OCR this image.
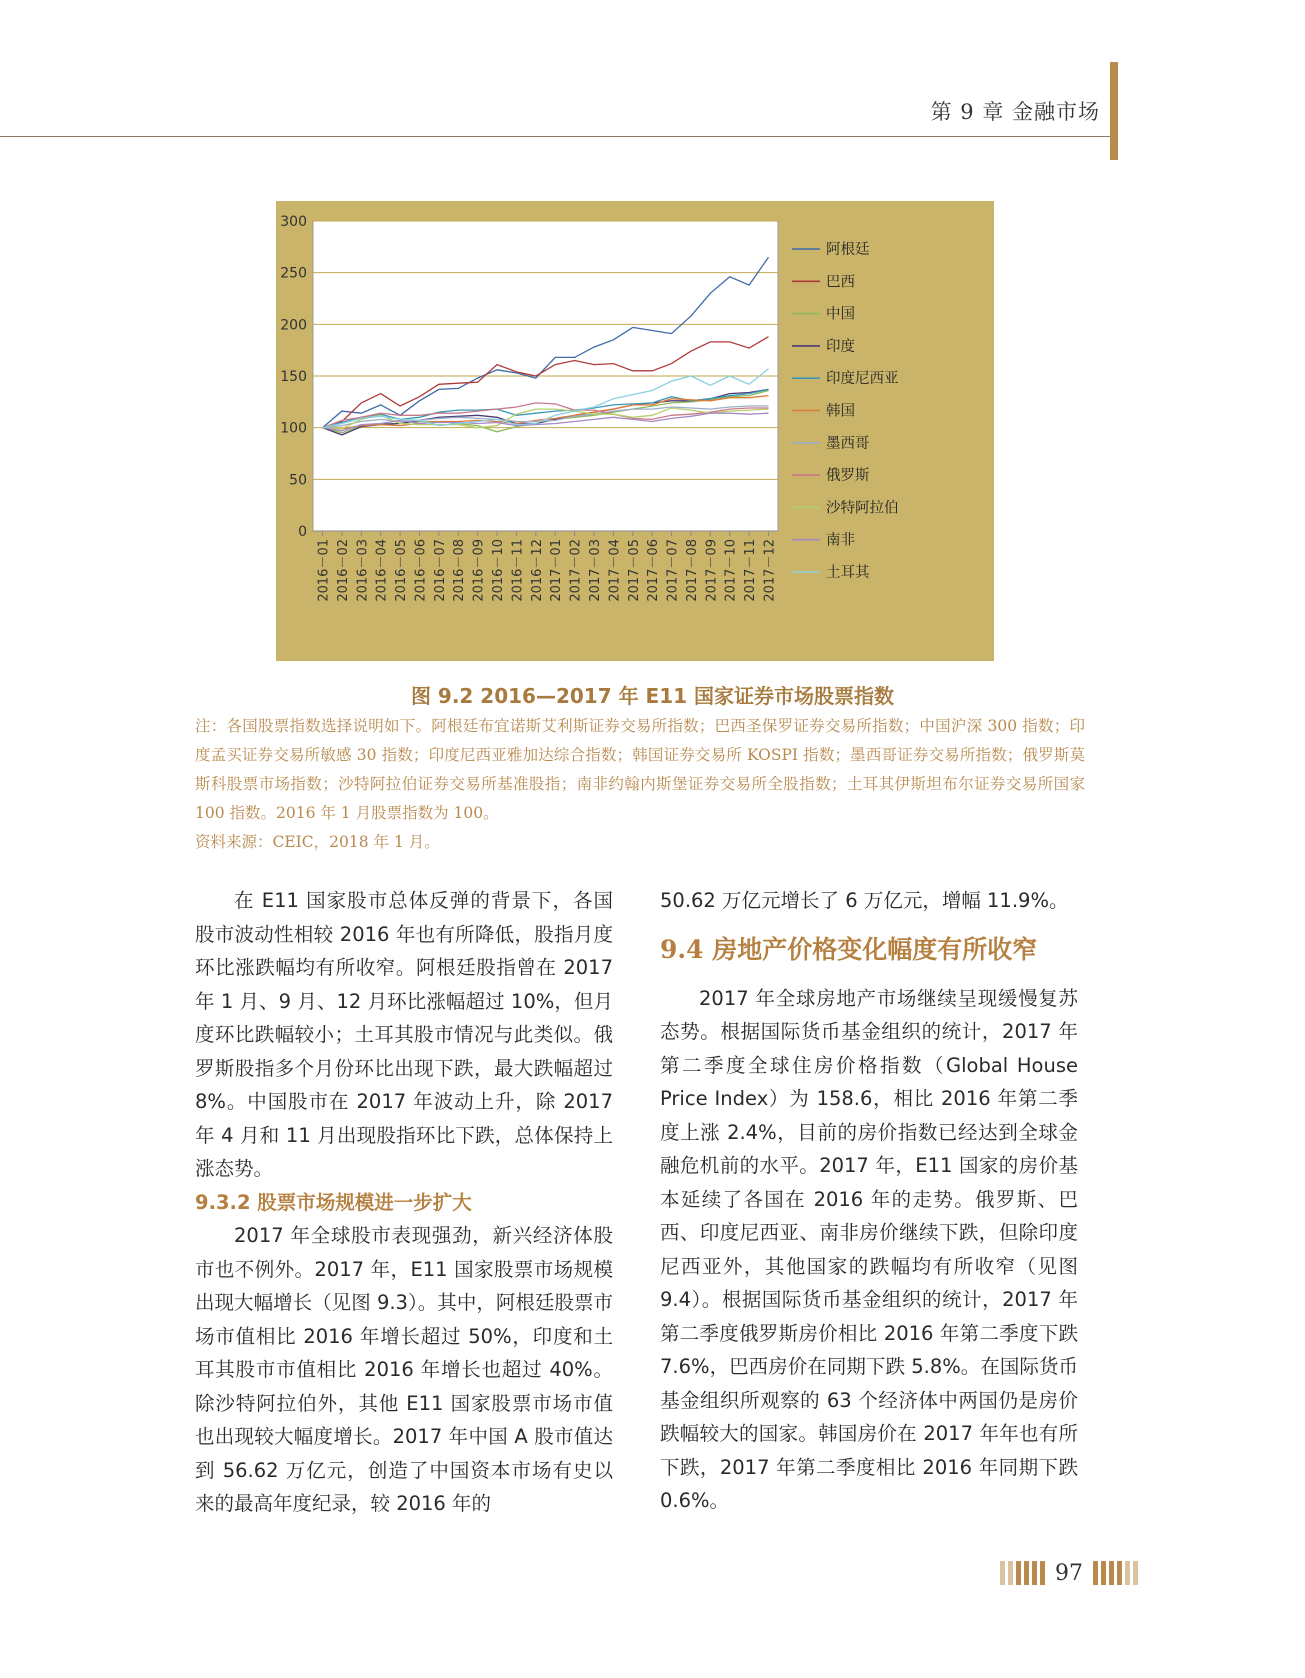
第 9 章 金融市场
0
50
100
150
200
250
300
2016－01 2016－02 2016－03 2016－04 2016－05 2016－06 2016－07 2016－08 2016－09 2016－10 2016－11 2016－12 2017－01 2017－02 2017－03 2017－04 2017－05 2017－06 2017－07 2017－08 2017－09 2017－10 2017－11 2017－12
阿根廷
巴西
中国
印度
印度尼西亚
韩国
墨西哥
俄罗斯
沙特阿拉伯
南非
土耳其
图 9.2 2016—2017 年 E11 国家证券市场股票指数

注：各国股票指数选择说明如下。阿根廷布宜诺斯艾利斯证券交易所指数；巴西圣保罗证券交易所指数；中国沪深 300 指数；印度孟买证券交易所敏感 30 指数；印度尼西亚雅加达综合指数；韩国证券交易所 KOSPI 指数；墨西哥证券交易所指数；俄罗斯莫斯科股票市场指数；沙特阿拉伯证券交易所基准股指；南非约翰内斯堡证券交易所全股指数；土耳其伊斯坦布尔证券交易所国家 100 指数。2016 年 1 月股票指数为 100。

资料来源：CEIC，2018 年 1 月。

在 E11 国家股市总体反弹的背景下，各国股市波动性相较 2016 年也有所降低，股指月度环比涨跌幅均有所收窄。阿根廷股指曾在 2017 年 1 月、9 月、12 月环比涨幅超过 10%，但月度环比跌幅较小；土耳其股市情况与此类似。俄罗斯股指多个月份环比出现下跌，最大跌幅超过 8%。中国股市在 2017 年波动上升，除 2017 年 4 月和 11 月出现股指环比下跌，总体保持上涨态势。

9.3.2 股票市场规模进一步扩大

2017 年全球股市表现强劲，新兴经济体股市也不例外。2017 年，E11 国家股票市场规模出现大幅增长（见图 9.3）。其中，阿根廷股票市场市值相比 2016 年增长超过 50%，印度和土耳其股市市值相比 2016 年增长也超过 40%。除沙特阿拉伯外，其他 E11 国家股票市场市值也出现较大幅度增长。2017 年中国 A 股市值达到 56.62 万亿元，创造了中国资本市场有史以来的最高年度纪录，较 2016 年的

50.62 万亿元增长了 6 万亿元，增幅 11.9%。

9.4 房地产价格变化幅度有所收窄

2017 年全球房地产市场继续呈现缓慢复苏态势。根据国际货币基金组织的统计，2017 年第二季度全球住房价格指数（Global House Price Index）为 158.6，相比 2016 年第二季度上涨 2.4%，目前的房价指数已经达到全球金融危机前的水平。2017 年，E11 国家的房价基本延续了各国在 2016 年的走势。俄罗斯、巴西、印度尼西亚、南非房价继续下跌，但除印度尼西亚外，其他国家的跌幅均有所收窄（见图 9.4）。根据国际货币基金组织的统计，2017 年第二季度俄罗斯房价相比 2016 年第二季度下跌 7.6%，巴西房价在同期下跌 5.8%。在国际货币基金组织所观察的 63 个经济体中两国仍是房价跌幅较大的国家。韩国房价在 2017 年年也有所下跌，2017 年第二季度相比 2016 年同期下跌 0.6%。

97
